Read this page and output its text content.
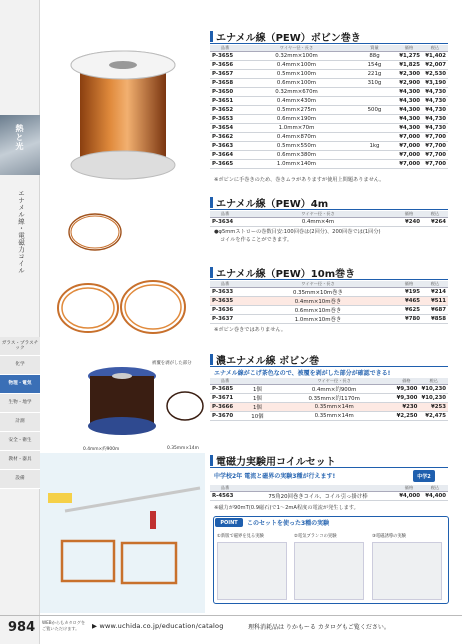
熱と光
エナメル線・電磁力コイル
ガラス・プラスチック
化学
物理・電気
生物・地学
計測
安全・衛生
教材・器具
設備
0.4mm×約900m	0.35mm×14m
被覆を剥がした部分
エナメル線（PEW）ボビン巻き
品番	ワイヤー径・長さ	質量	価格	税込
P-3655	0.32mm×100m	88g	¥1,275	¥1,402
P-3656	0.4mm×100m	154g	¥1,825	¥2,007
P-3657	0.5mm×100m	221g	¥2,300	¥2,530
P-3658	0.6mm×100m	310g	¥2,900	¥3,190
P-3650	0.32mm×670m		¥4,300	¥4,730
P-3651	0.4mm×430m		¥4,300	¥4,730
P-3652	0.5mm×275m	500g	¥4,300	¥4,730
P-3653	0.6mm×190m		¥4,300	¥4,730
P-3654	1.0mm×70m		¥4,300	¥4,730
P-3662	0.4mm×870m		¥7,000	¥7,700
P-3663	0.5mm×550m	1kg	¥7,000	¥7,700
P-3664	0.6mm×380m		¥7,000	¥7,700
P-3665	1.0mm×140m		¥7,000	¥7,700
※ボビンに手巻きのため、巻きムラがありますが使用上問題ありません。
エナメル線（PEW）4m
品番	ワイヤー径・長さ	価格	税込
P-3634	0.4mm×4m	¥240	¥264
●φ5mmストローの巻数目安:100回巻は(2回分)、200回巻では(1回分)
コイルを作ることができます。
エナメル線（PEW）10m巻き
品番	ワイヤー径・長さ	価格	税込
P-3633	0.35mm×10m巻き	¥195	¥214
P-3635	0.4mm×10m巻き	¥465	¥511
P-3636	0.6mm×10m巻き	¥625	¥687
P-3637	1.0mm×10m巻き	¥780	¥858
※ボビン巻きではありません。
濃エナメル線 ボビン巻
エナメル線がこげ茶色なので、被覆を剥がした部分が確認できる!
品番		ワイヤー径・長さ	価格	税込
P-3685	1個	0.4mm×約900m	¥9,300	¥10,230
P-3671	1個	0.35mm×約1170m	¥9,300	¥10,230
P-3666	1個	0.35mm×14m	¥230	¥253
P-3670	10個	0.35mm×14m	¥2,250	¥2,475
電磁力実験用コイルセット
中学校2年 電流と磁界の実験3種が行えます!	中学2
品番		価格	税込
R-4563	75角20回巻きコイル、コイル引っ掛け棒	¥4,000	¥4,400
※磁力が90mT(0.9磁石)で1〜2mA程度の電流が発生します。
POINT	このセットを使った3種の実験
①新版で磁界を見る実験	②電気ブランコの実験	③電磁誘導の実験
984 WEBからもカタログを
ご覧いただけます。	▶ www.uchida.co.jp/education/catalog	理科消耗品は りかもーる カタログもご覧ください。
